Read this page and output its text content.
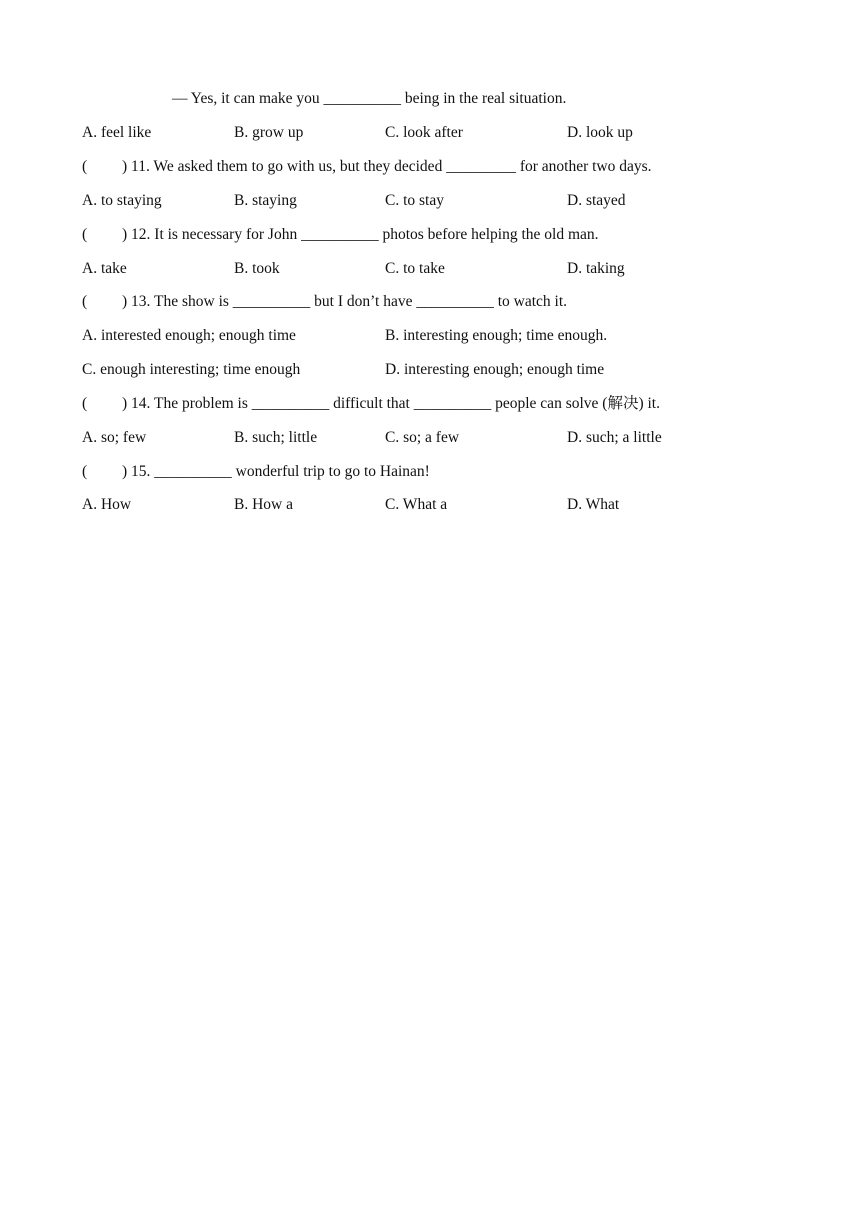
— Yes, it can make you __________ being in the real situation.
A. feel like	B. grow up	C. look after	D. look up
( ) 11. We asked them to go with us, but they decided _________ for another two days.
A. to staying	B. staying	C. to stay	D. stayed
( ) 12. It is necessary for John __________ photos before helping the old man.
A. take	B. took	C. to take	D. taking
( ) 13. The show is __________ but I don’t have __________ to watch it.
A. interested enough; enough time	B. interesting enough; time enough.
C. enough interesting; time enough	D. interesting enough; enough time
( ) 14. The problem is __________ difficult that __________ people can solve (解决) it.
A. so; few	B. such; little	C. so; a few	D. such; a little
( ) 15. __________ wonderful trip to go to Hainan!
A. How	B. How a	C. What a	D. What
